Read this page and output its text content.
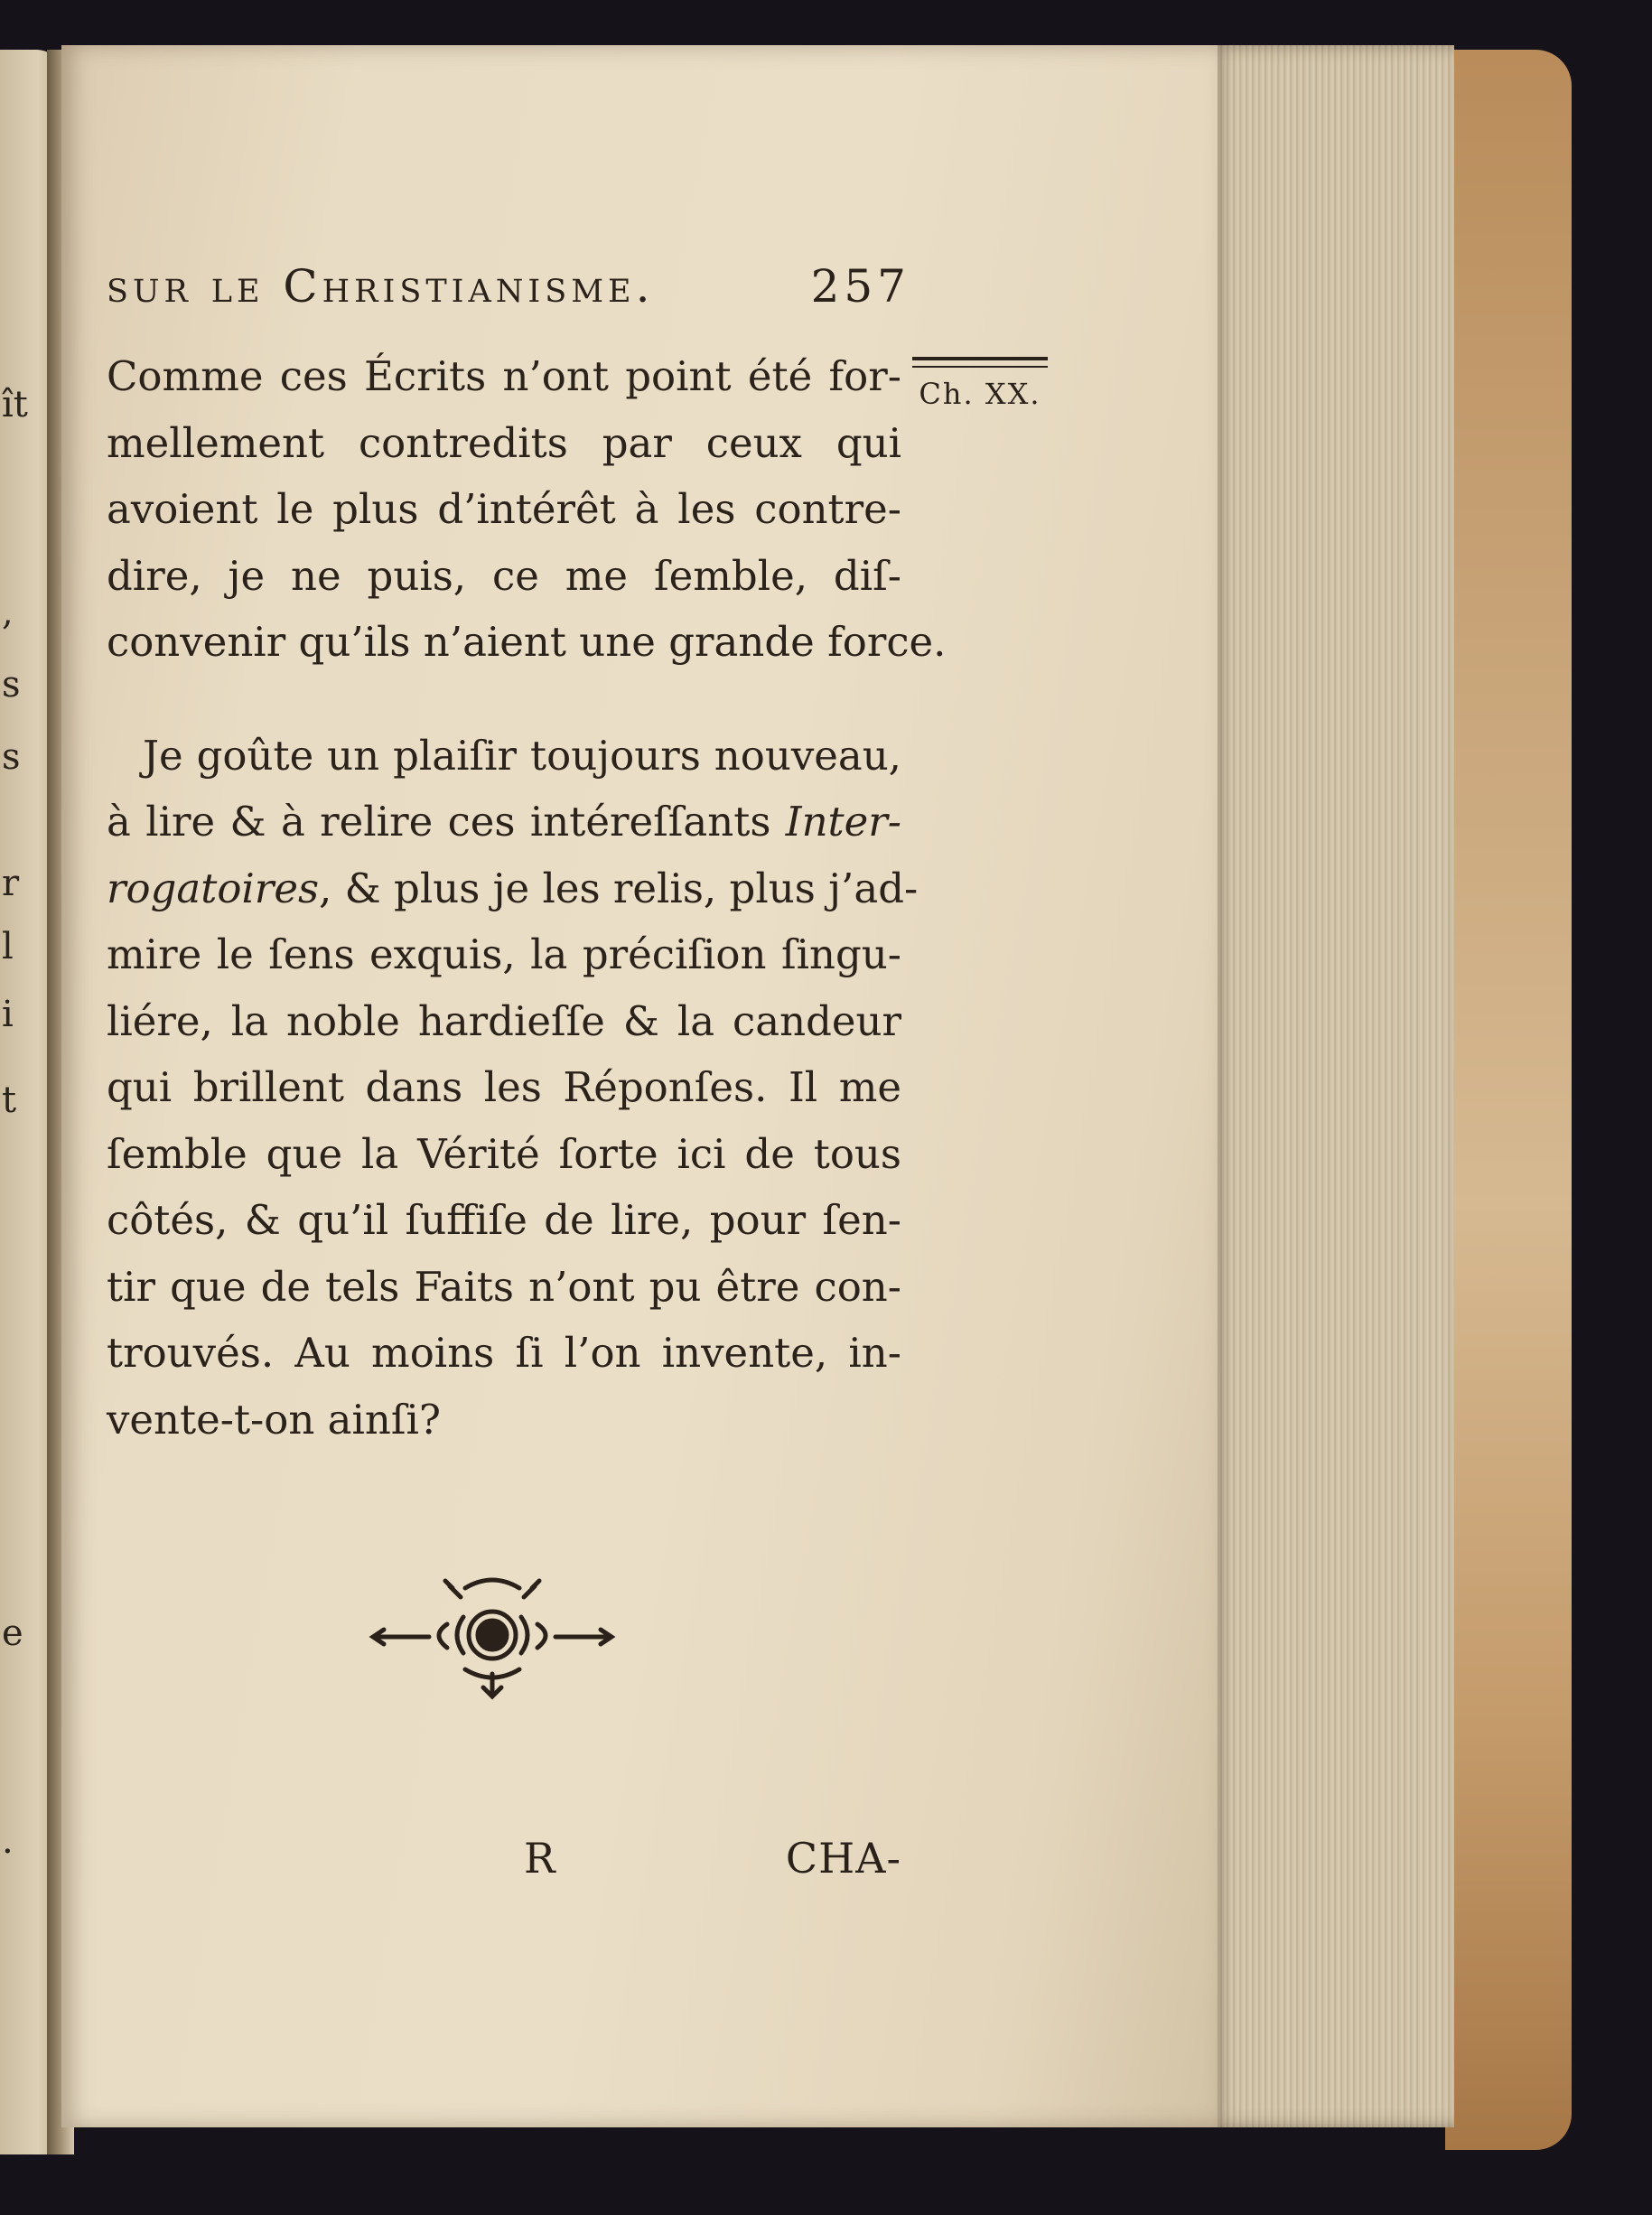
ît
,
s
s
r
l
i
t
e
.
sur le Christianisme.	257
Ch. XX.
Comme ces Écrits n’ont point été for-
mellement contredits par ceux qui
avoient le plus d’intérêt à les contre-
dire, je ne puis, ce me ſemble, diſ-
convenir qu’ils n’aient une grande force.
Je goûte un plaiſir toujours nouveau,
à lire & à relire ces intéreſſants Inter-
rogatoires, & plus je les relis, plus j’ad-
mire le ſens exquis, la préciſion ſingu-
liére, la noble hardieſſe & la candeur
qui brillent dans les Réponſes. Il me
ſemble que la Vérité ſorte ici de tous
côtés, & qu’il ſuffiſe de lire, pour ſen-
tir que de tels Faits n’ont pu être con-
trouvés. Au moins ſi l’on invente, in-
vente-t-on ainſi?
R	CHA-
